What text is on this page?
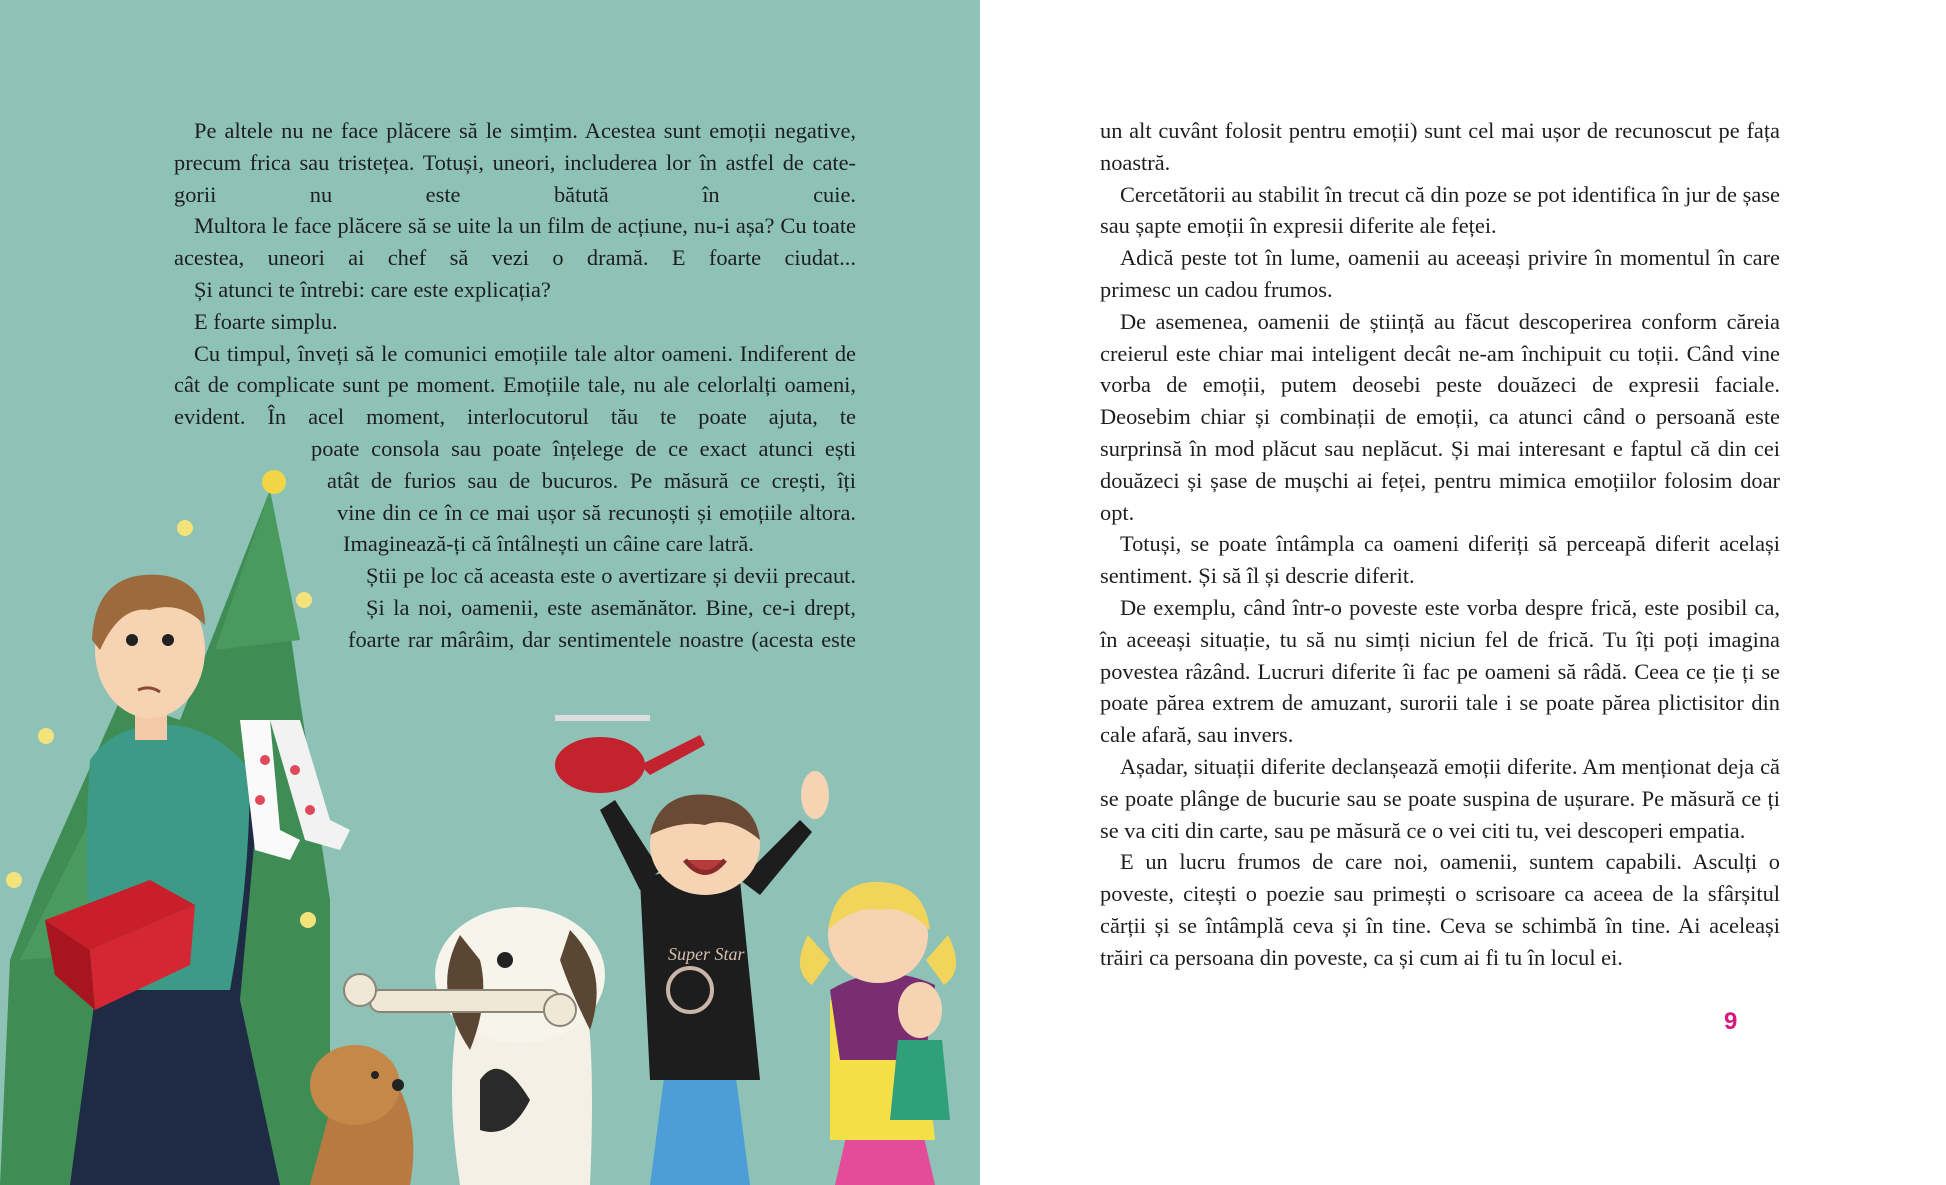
Super Star

Pe altele nu ne face plăcere să le simțim. Acestea sunt emoții negative, precum frica sau tristețea. Totuși, uneori, includerea lor în astfel de cate-gorii nu este bătută în cuie.

Multora le face plăcere să se uite la un film de acțiune, nu-i așa? Cu toate acestea, uneori ai chef să vezi o dramă. E foarte ciudat...

Și atunci te întrebi: care este explicația?

E foarte simplu.

Cu timpul, înveți să le comunici emoțiile tale altor oameni. Indiferent de cât de complicate sunt pe moment. Emoțiile tale, nu ale celorlalți oameni, evident. În acel moment, interlocutorul tău te poate ajuta, te

poate consola sau poate înțelege de ce exact atunci ești
atât de furios sau de bucuros. Pe măsură ce crești, îți
vine din ce în ce mai ușor să recunoști și emoțiile altora.
Imaginează-ți că întâlnești un câine care latră.
Știi pe loc că aceasta este o avertizare și devii precaut.
Și la noi, oamenii, este asemănător. Bine, ce-i drept,
foarte rar mârâim, dar sentimentele noastre (acesta este

un alt cuvânt folosit pentru emoții) sunt cel mai ușor de recunoscut pe fața noastră.

Cercetătorii au stabilit în trecut că din poze se pot identifica în jur de șase sau șapte emoții în expresii diferite ale feței.

Adică peste tot în lume, oamenii au aceeași privire în momentul în care primesc un cadou frumos.

De asemenea, oamenii de știință au făcut descoperirea conform căreia creierul este chiar mai inteligent decât ne-am închipuit cu toții. Când vine vorba de emoții, putem deosebi peste douăzeci de expresii faciale. Deosebim chiar și combinații de emoții, ca atunci când o persoană este surprinsă în mod plăcut sau neplăcut. Și mai interesant e faptul că din cei douăzeci și șase de mușchi ai feței, pentru mimica emoțiilor folosim doar opt.

Totuși, se poate întâmpla ca oameni diferiți să perceapă diferit același sentiment. Și să îl și descrie diferit.

De exemplu, când într-o poveste este vorba despre frică, este posibil ca, în aceeași situație, tu să nu simți niciun fel de frică. Tu îți poți imagina povestea râzând. Lucruri diferite îi fac pe oameni să râdă. Ceea ce ție ți se poate părea extrem de amuzant, surorii tale i se poate părea plictisitor din cale afară, sau invers.

Așadar, situații diferite declanșează emoții diferite. Am menționat deja că se poate plânge de bucurie sau se poate suspina de ușurare. Pe măsură ce ți se va citi din carte, sau pe măsură ce o vei citi tu, vei descoperi empatia.

E un lucru frumos de care noi, oamenii, suntem capabili. Asculți o poveste, citești o poezie sau primești o scrisoare ca aceea de la sfârșitul cărții și se întâmplă ceva și în tine. Ceva se schimbă în tine. Ai aceleași trăiri ca persoana din poveste, ca și cum ai fi tu în locul ei.

9
